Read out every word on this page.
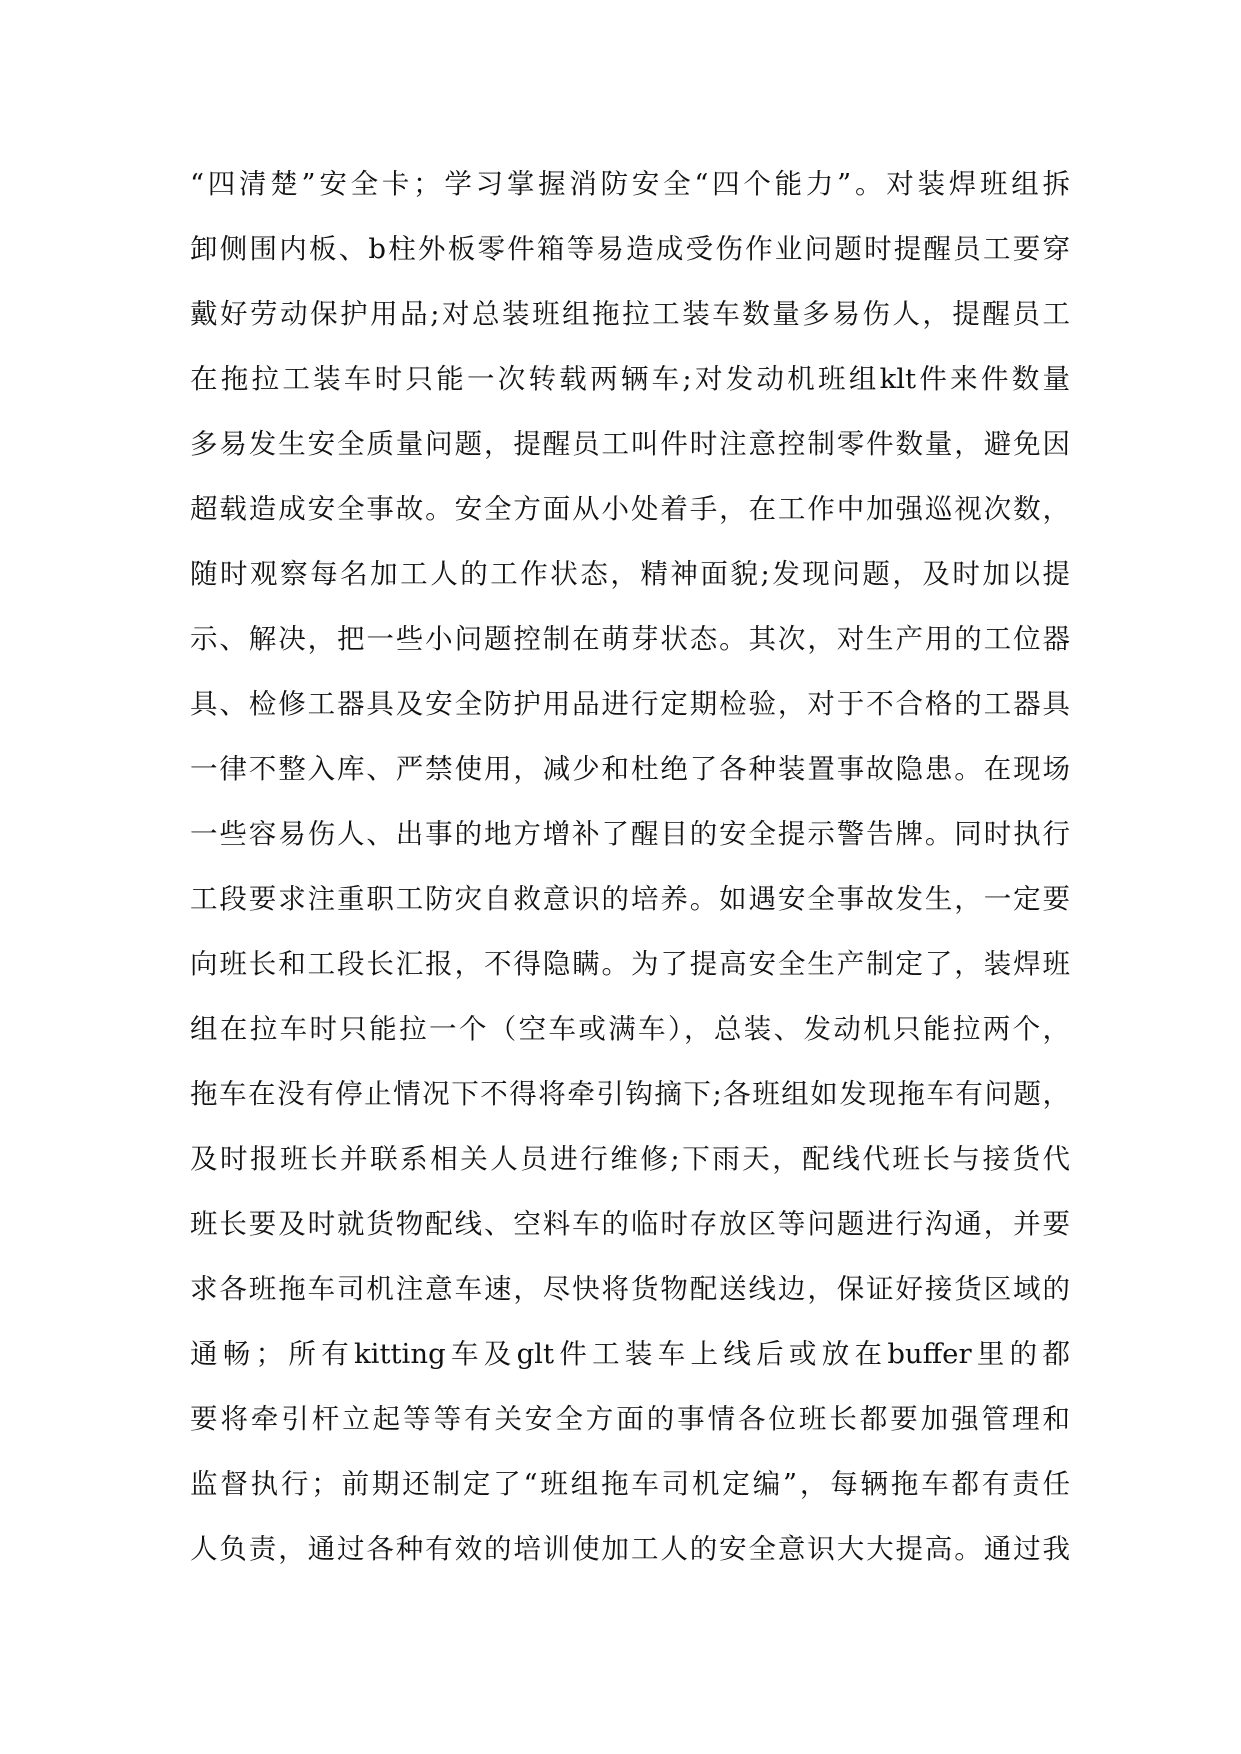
“四清楚”安全卡；学习掌握消防安全“四个能力”。对装焊班组拆
卸侧围内板、b柱外板零件箱等易造成受伤作业问题时提醒员工要穿
戴好劳动保护用品;对总装班组拖拉工装车数量多易伤人，提醒员工
在拖拉工装车时只能一次转载两辆车;对发动机班组klt件来件数量
多易发生安全质量问题，提醒员工叫件时注意控制零件数量，避免因
超载造成安全事故。安全方面从小处着手，在工作中加强巡视次数，
随时观察每名加工人的工作状态，精神面貌;发现问题，及时加以提
示、解决，把一些小问题控制在萌芽状态。其次，对生产用的工位器
具、检修工器具及安全防护用品进行定期检验，对于不合格的工器具
一律不整入库、严禁使用，减少和杜绝了各种装置事故隐患。在现场
一些容易伤人、出事的地方增补了醒目的安全提示警告牌。同时执行
工段要求注重职工防灾自救意识的培养。如遇安全事故发生，一定要
向班长和工段长汇报，不得隐瞒。为了提高安全生产制定了，装焊班
组在拉车时只能拉一个（空车或满车），总装、发动机只能拉两个，
拖车在没有停止情况下不得将牵引钩摘下;各班组如发现拖车有问题，
及时报班长并联系相关人员进行维修;下雨天，配线代班长与接货代
班长要及时就货物配线、空料车的临时存放区等问题进行沟通，并要
求各班拖车司机注意车速，尽快将货物配送线边，保证好接货区域的
通畅；所有kitting车及glt件工装车上线后或放在buffer里的都
要将牵引杆立起等等有关安全方面的事情各位班长都要加强管理和
监督执行；前期还制定了“班组拖车司机定编”，每辆拖车都有责任
人负责，通过各种有效的培训使加工人的安全意识大大提高。通过我
